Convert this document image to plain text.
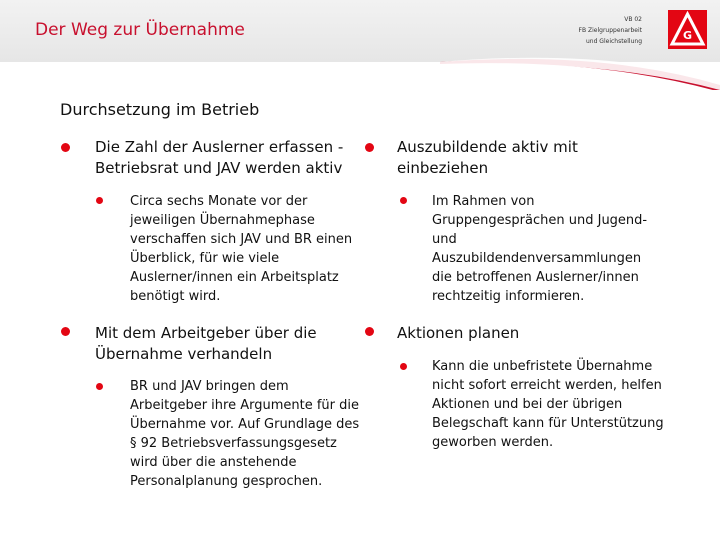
Der Weg zur Übernahme
VB 02
FB Zielgruppenarbeit
und Gleichstellung	G
Durchsetzung im Betrieb
Die Zahl der Auslerner erfassen - Betriebsrat und JAV werden aktiv
Circa sechs Monate vor der jeweiligen Übernahmephase verschaffen sich JAV und BR einen Überblick, für wie viele Auslerner/innen ein Arbeitsplatz benötigt wird.
Mit dem Arbeitgeber über die Übernahme verhandeln
BR und JAV bringen dem Arbeitgeber ihre Argumente für die Übernahme vor. Auf Grundlage des § 92 Betriebsverfassungsgesetz wird über die anstehende Personalplanung gesprochen.
Auszubildende aktiv mit einbeziehen
Im Rahmen von Gruppengesprächen und Jugend- und Auszubildendenversammlungen die betroffenen Auslerner/innen rechtzeitig informieren.
Aktionen planen
Kann die unbefristete Übernahme nicht sofort erreicht werden, helfen Aktionen und bei der übrigen Belegschaft kann für Unterstützung geworben werden.
